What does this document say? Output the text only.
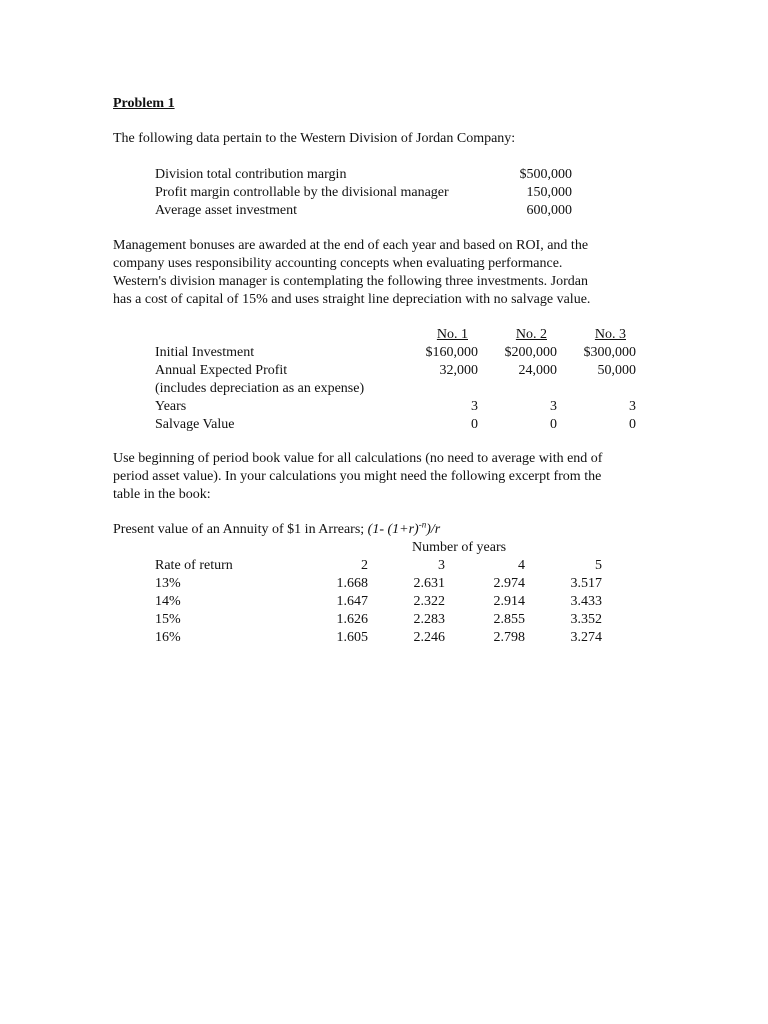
Problem 1
The following data pertain to the Western Division of Jordan Company:
Division total contribution margin	$500,000
Profit margin controllable by the divisional manager	150,000
Average asset investment	600,000
Management bonuses are awarded at the end of each year and based on ROI, and the
company uses responsibility accounting concepts when evaluating performance.
Western's division manager is contemplating the following three investments. Jordan
has a cost of capital of 15% and uses straight line depreciation with no salvage value.
No. 1	No. 2	No. 3
Initial Investment	$160,000	$200,000	$300,000
Annual Expected Profit	32,000	24,000	50,000
(includes depreciation as an expense)
Years	3	3	3
Salvage Value	0	0	0
Use beginning of period book value for all calculations (no need to average with end of
period asset value). In your calculations you might need the following excerpt from the
table in the book:
Present value of an Annuity of $1 in Arrears; (1- $(1+r)^{-n})/r$
Number of years
Rate of return	2	3	4	5
13%	1.668	2.631	2.974	3.517
14%	1.647	2.322	2.914	3.433
15%	1.626	2.283	2.855	3.352
16%	1.605	2.246	2.798	3.274
